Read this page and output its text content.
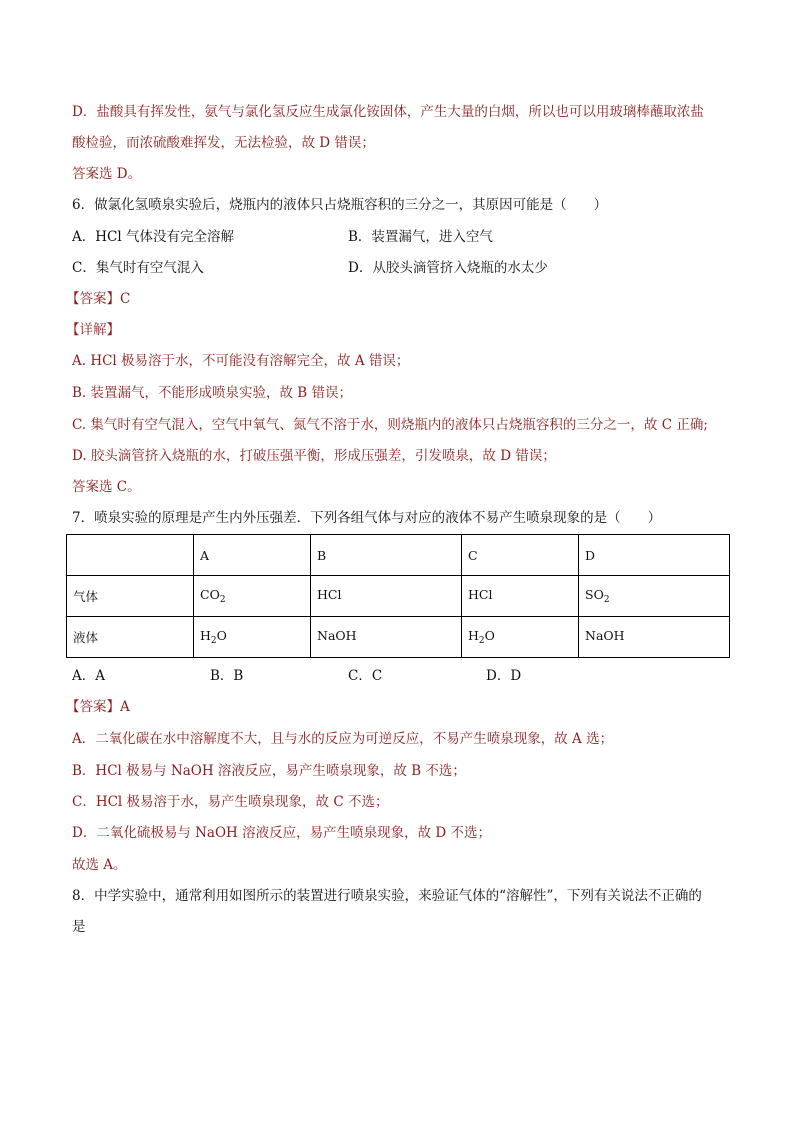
D．盐酸具有挥发性，氨气与氯化氢反应生成氯化铵固体，产生大量的白烟，所以也可以用玻璃棒蘸取浓盐
酸检验，而浓硫酸难挥发，无法检验，故 D 错误；
答案选 D。
6．做氯化氢喷泉实验后，烧瓶内的液体只占烧瓶容积的三分之一，其原因可能是（　　）
A．HCl 气体没有完全溶解	B．装置漏气，进入空气
C．集气时有空气混入	D．从胶头滴管挤入烧瓶的水太少
【答案】C
【详解】
A. HCl 极易溶于水，不可能没有溶解完全，故 A 错误；
B. 装置漏气，不能形成喷泉实验，故 B 错误；
C. 集气时有空气混入，空气中氧气、氮气不溶于水，则烧瓶内的液体只占烧瓶容积的三分之一，故 C 正确;
D. 胶头滴管挤入烧瓶的水，打破压强平衡，形成压强差，引发喷泉，故 D 错误；
答案选 C。
7．喷泉实验的原理是产生内外压强差．下列各组气体与对应的液体不易产生喷泉现象的是（　　）
	A	B	C	D
气体	$CO_2$	HCl	HCl	$SO_2$
液体	$H_2O$	NaOH	$H_2O$	NaOH
A．A	B．B	C．C	D．D
【答案】A
A．二氧化碳在水中溶解度不大，且与水的反应为可逆反应，不易产生喷泉现象，故 A 选；
B．HCl 极易与 NaOH 溶液反应，易产生喷泉现象，故 B 不选；
C．HCl 极易溶于水，易产生喷泉现象，故 C 不选；
D．二氧化硫极易与 NaOH 溶液反应，易产生喷泉现象，故 D 不选；
故选 A。
8．中学实验中，通常利用如图所示的装置进行喷泉实验，来验证气体的“溶解性”，下列有关说法不正确的
是
